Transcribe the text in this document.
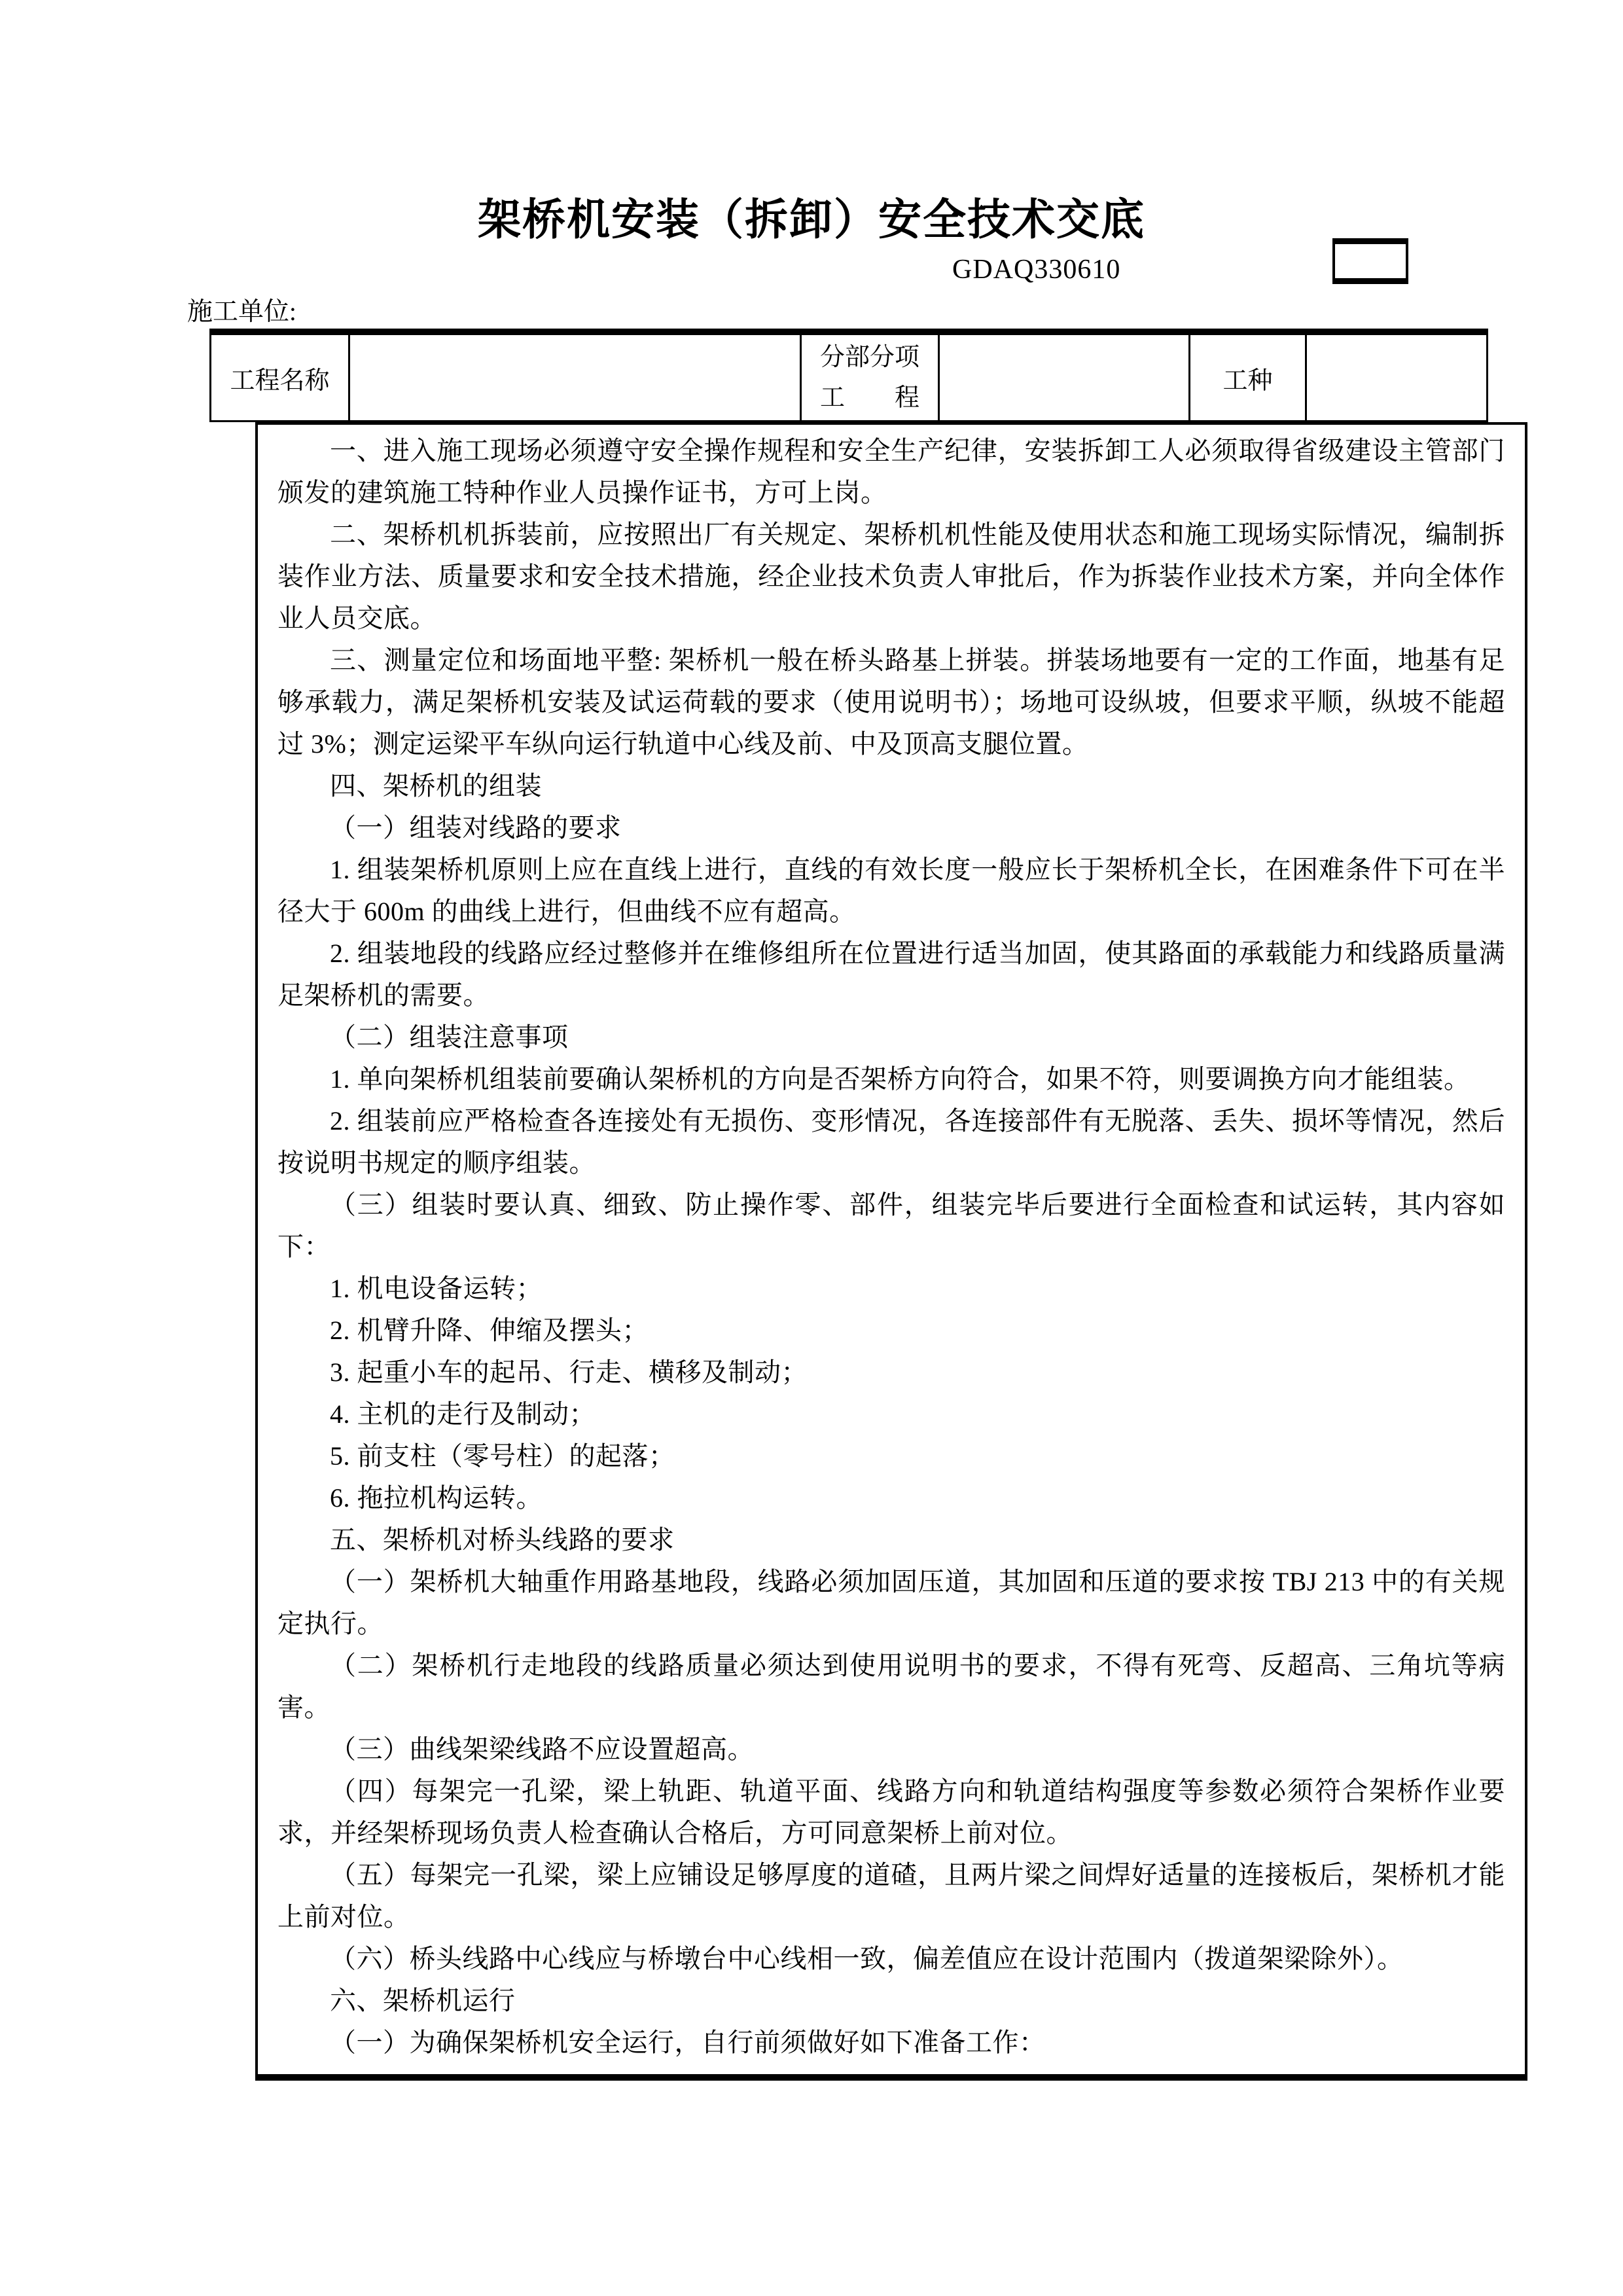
架桥机安装（拆卸）安全技术交底
GDAQ330610
施工单位:
工程名称
分部分项
工程
工种

一、进入施工现场必须遵守安全操作规程和安全生产纪律，安装拆卸工人必须取得省级建设主管部门颁发的建筑施工特种作业人员操作证书，方可上岗。

二、架桥机机拆装前，应按照出厂有关规定、架桥机机性能及使用状态和施工现场实际情况，编制拆装作业方法、质量要求和安全技术措施，经企业技术负责人审批后，作为拆装作业技术方案，并向全体作业人员交底。

三、测量定位和场面地平整: 架桥机一般在桥头路基上拼装。拼装场地要有一定的工作面，地基有足够承载力，满足架桥机安装及试运荷载的要求（使用说明书）；场地可设纵坡，但要求平顺，纵坡不能超过 3%；测定运梁平车纵向运行轨道中心线及前、中及顶高支腿位置。

四、架桥机的组装

（一）组装对线路的要求

1. 组装架桥机原则上应在直线上进行，直线的有效长度一般应长于架桥机全长，在困难条件下可在半径大于 600m 的曲线上进行，但曲线不应有超高。

2. 组装地段的线路应经过整修并在维修组所在位置进行适当加固，使其路面的承载能力和线路质量满足架桥机的需要。

（二）组装注意事项

1. 单向架桥机组装前要确认架桥机的方向是否架桥方向符合，如果不符，则要调换方向才能组装。

2. 组装前应严格检查各连接处有无损伤、变形情况，各连接部件有无脱落、丢失、损坏等情况，然后按说明书规定的顺序组装。

（三）组装时要认真、细致、防止操作零、部件，组装完毕后要进行全面检查和试运转，其内容如下：

1. 机电设备运转；

2. 机臂升降、伸缩及摆头；

3. 起重小车的起吊、行走、横移及制动；

4. 主机的走行及制动；

5. 前支柱（零号柱）的起落；

6. 拖拉机构运转。

五、架桥机对桥头线路的要求

（一）架桥机大轴重作用路基地段，线路必须加固压道，其加固和压道的要求按 TBJ 213 中的有关规定执行。

（二）架桥机行走地段的线路质量必须达到使用说明书的要求，不得有死弯、反超高、三角坑等病害。

（三）曲线架梁线路不应设置超高。

（四）每架完一孔梁，梁上轨距、轨道平面、线路方向和轨道结构强度等参数必须符合架桥作业要求，并经架桥现场负责人检查确认合格后，方可同意架桥上前对位。

（五）每架完一孔梁，梁上应铺设足够厚度的道碴，且两片梁之间焊好适量的连接板后，架桥机才能上前对位。

（六）桥头线路中心线应与桥墩台中心线相一致，偏差值应在设计范围内（拨道架梁除外）。

六、架桥机运行

（一）为确保架桥机安全运行，自行前须做好如下准备工作：
